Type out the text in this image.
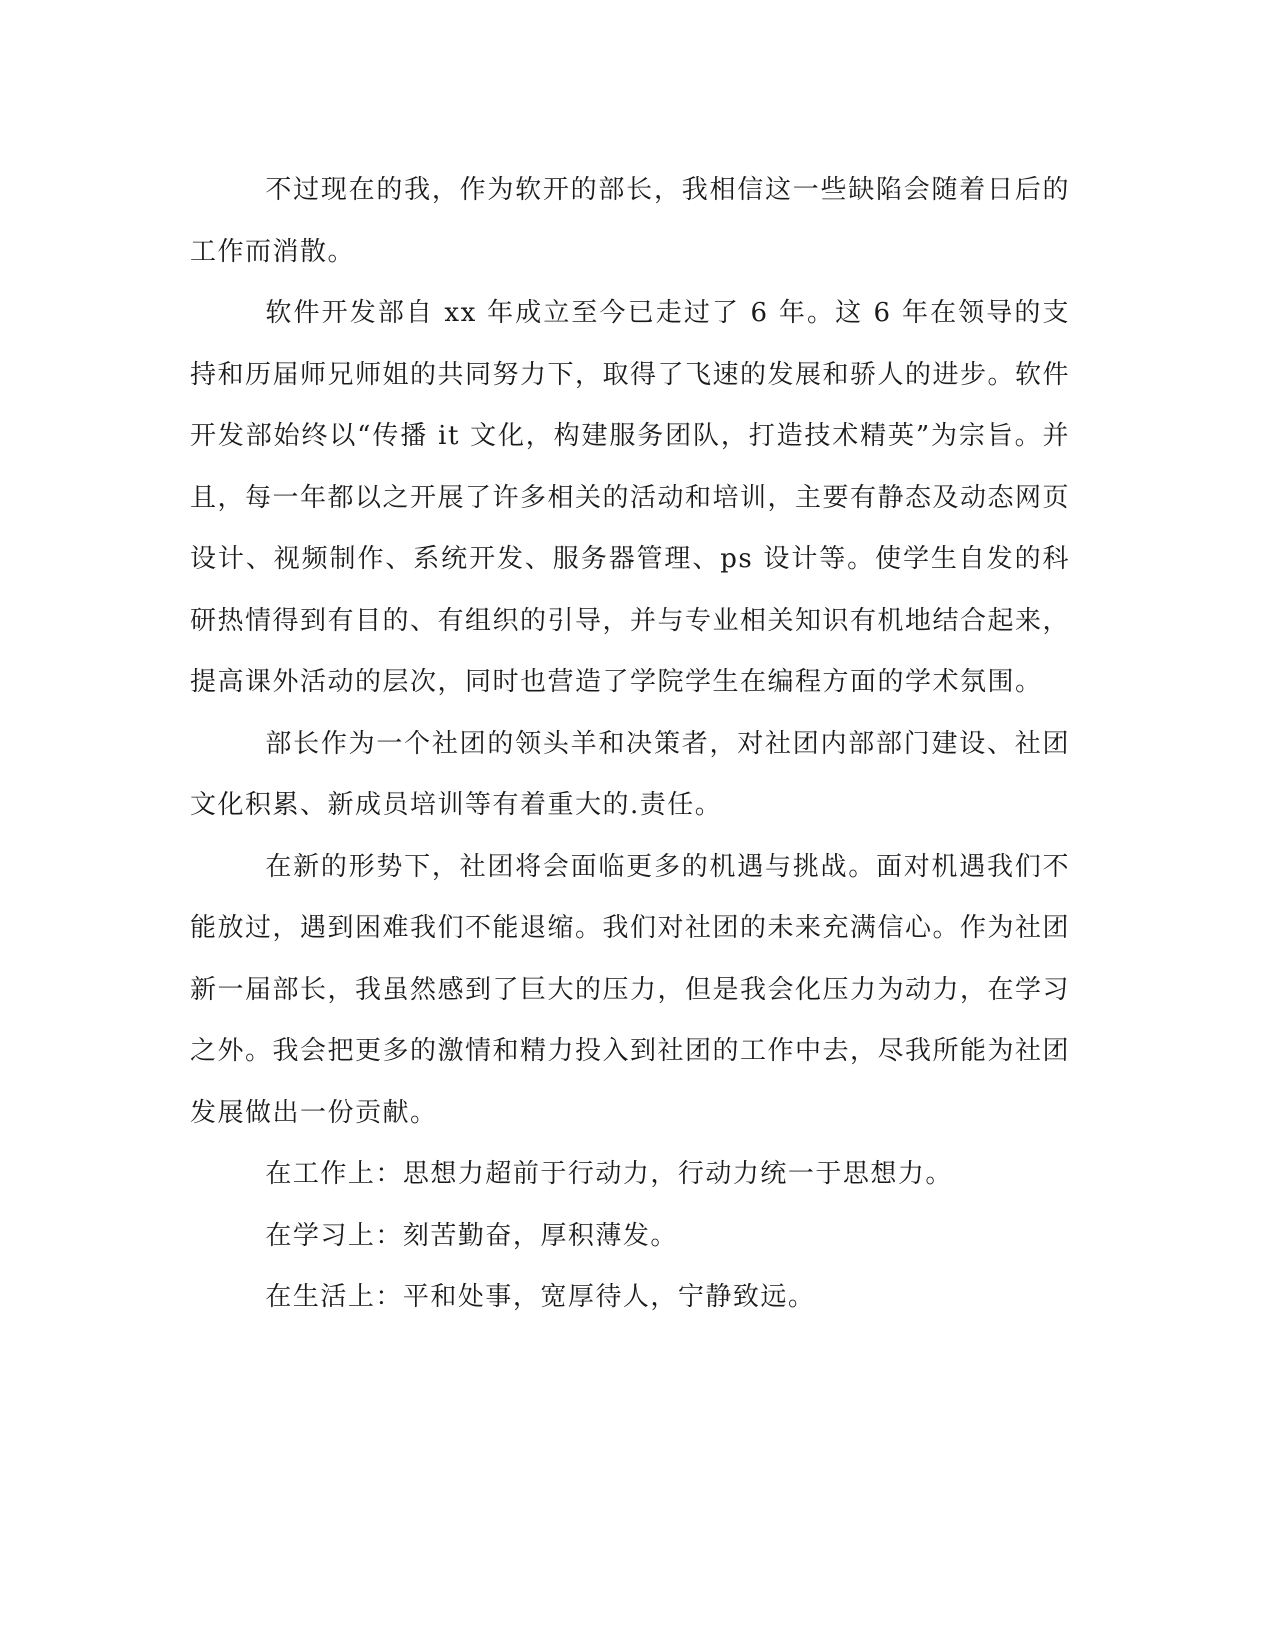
不过现在的我，作为软开的部长，我相信这一些缺陷会随着日后的工作而消散。

软件开发部自 xx 年成立至今已走过了 6 年。这 6 年在领导的支持和历届师兄师姐的共同努力下，取得了飞速的发展和骄人的进步。软件开发部始终以“传播 it 文化，构建服务团队，打造技术精英”为宗旨。并且，每一年都以之开展了许多相关的活动和培训，主要有静态及动态网页设计、视频制作、系统开发、服务器管理、ps 设计等。使学生自发的科研热情得到有目的、有组织的引导，并与专业相关知识有机地结合起来，提高课外活动的层次，同时也营造了学院学生在编程方面的学术氛围。

部长作为一个社团的领头羊和决策者，对社团内部部门建设、社团文化积累、新成员培训等有着重大的.责任。

在新的形势下，社团将会面临更多的机遇与挑战。面对机遇我们不能放过，遇到困难我们不能退缩。我们对社团的未来充满信心。作为社团新一届部长，我虽然感到了巨大的压力，但是我会化压力为动力，在学习之外。我会把更多的激情和精力投入到社团的工作中去，尽我所能为社团发展做出一份贡献。

在工作上：思想力超前于行动力，行动力统一于思想力。

在学习上：刻苦勤奋，厚积薄发。

在生活上：平和处事，宽厚待人，宁静致远。
